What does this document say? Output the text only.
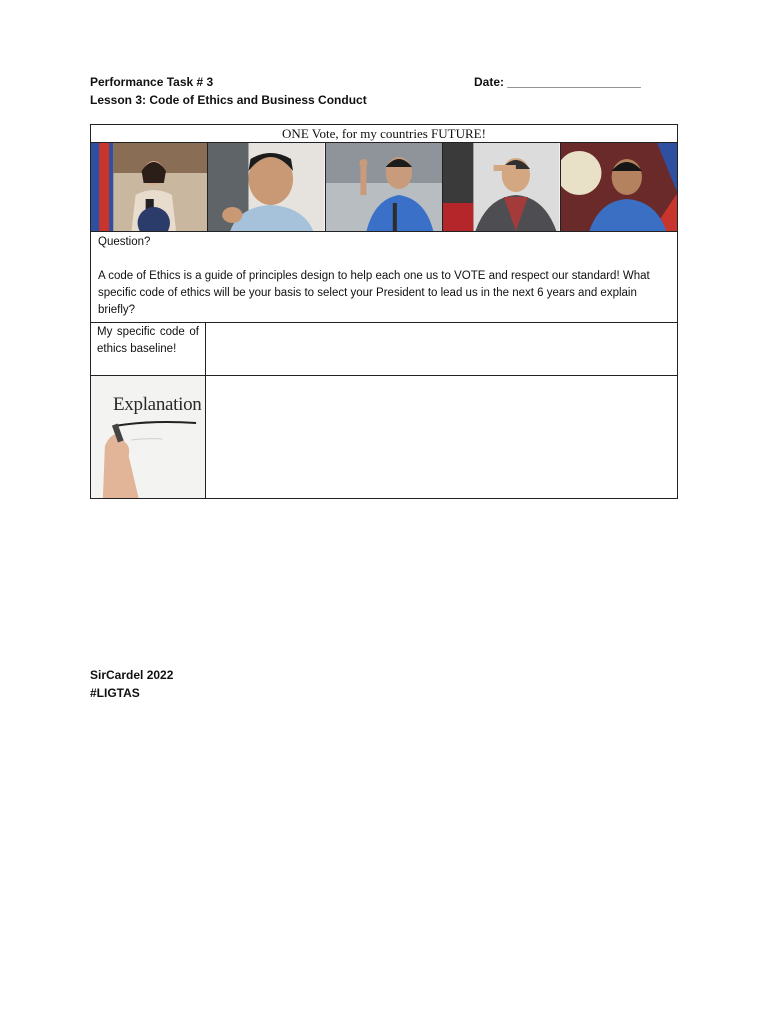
Performance Task # 3	Date: ____________________
Lesson 3: Code of Ethics and Business Conduct
ONE Vote, for my countries FUTURE!
Question?
A code of Ethics is a guide of principles design to help each one us to VOTE and respect our standard! What specific code of ethics will be your basis to select your President to lead us in the next 6 years and explain briefly?
My specific code of ethics baseline!
Explanation
SirCardel 2022
#LIGTAS
